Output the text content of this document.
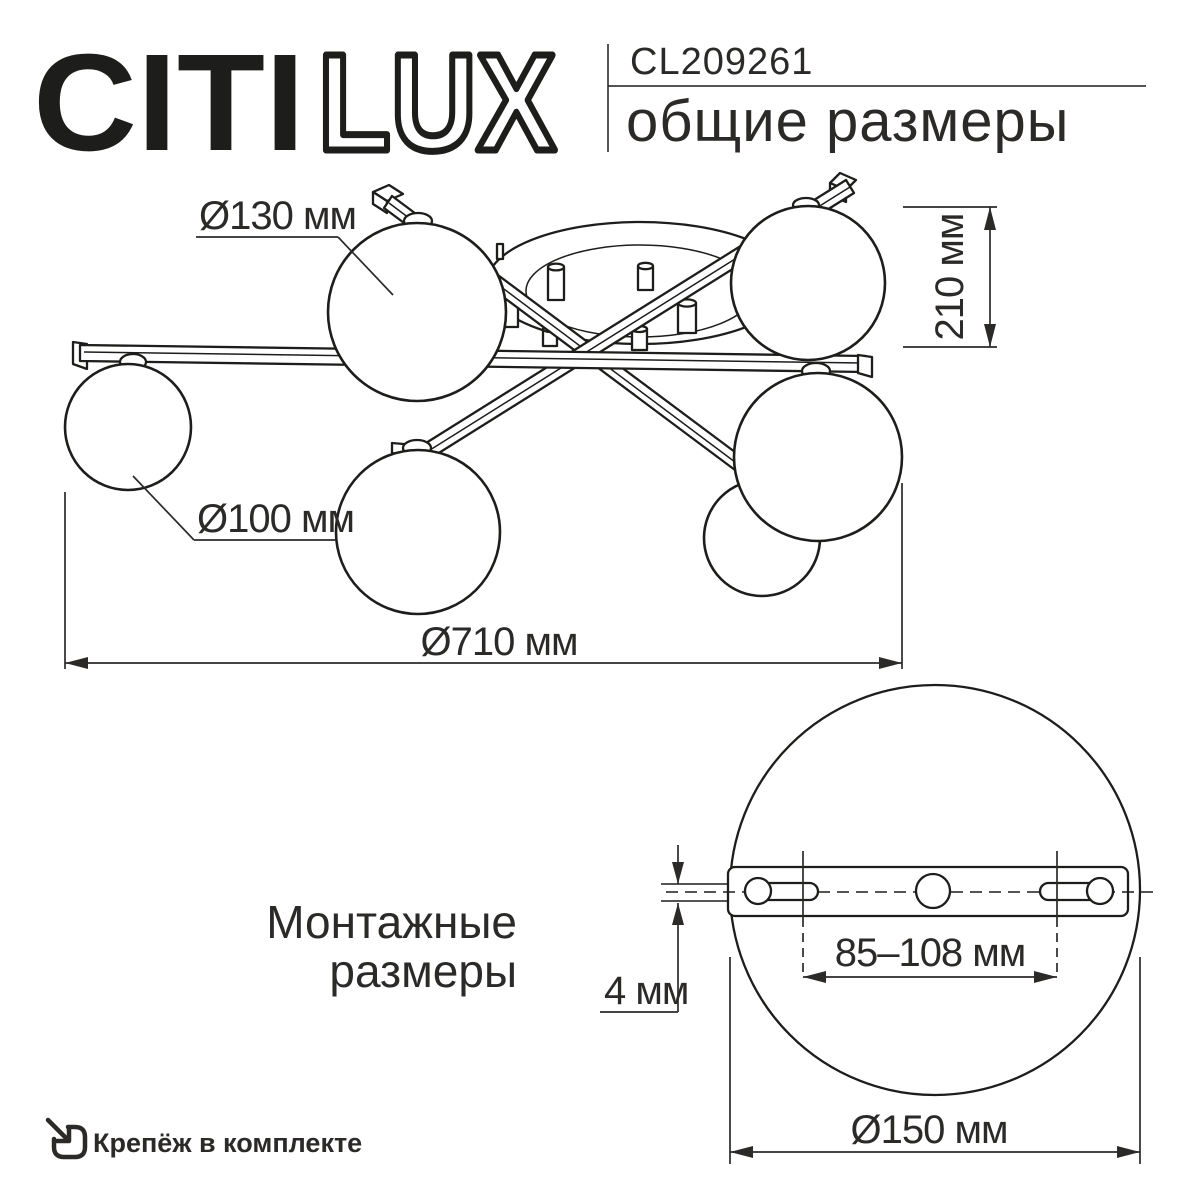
CITI LUX CL209261
общие размеры
Ø130 мм
Ø100 мм
Ø710 мм
210 мм
Монтажные
размеры	85–108 мм
4 мм
Ø150 мм
Крепёж в комплекте
